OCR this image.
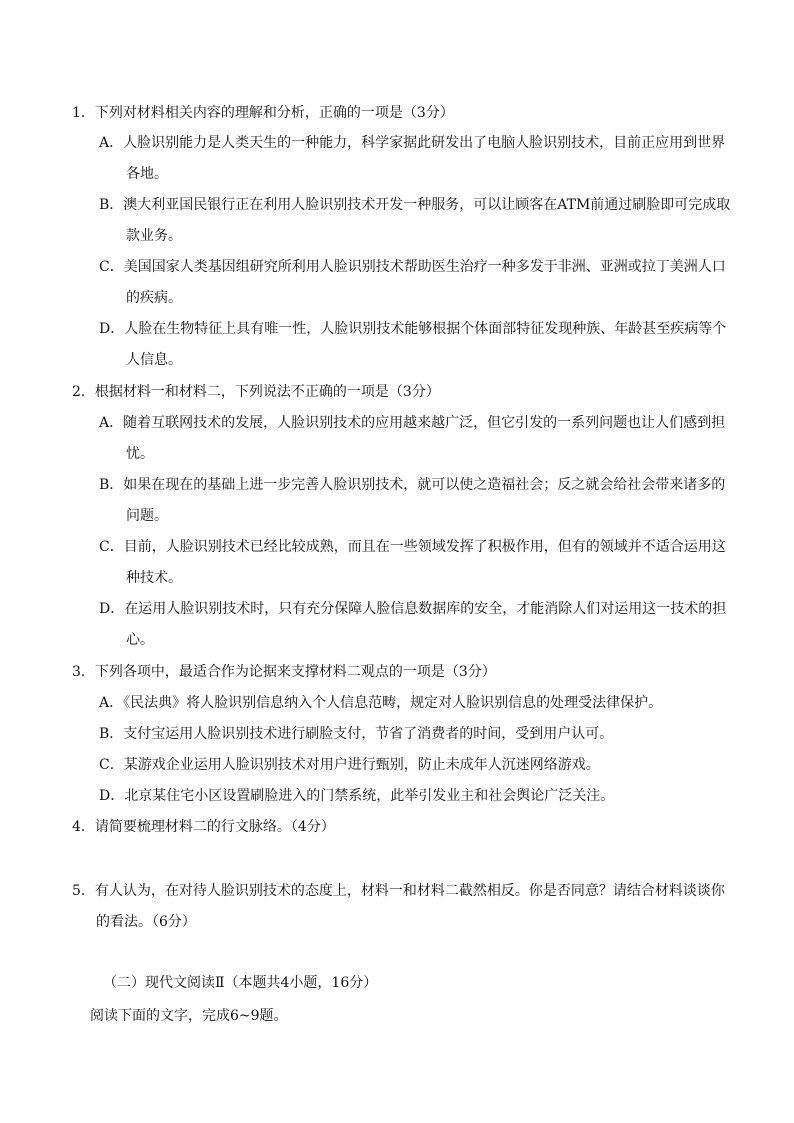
1．下列对材料相关内容的理解和分析，正确的一项是（3分）
A．人脸识别能力是人类天生的一种能力，科学家据此研发出了电脑人脸识别技术，目前正应用到世界
各地。
B．澳大利亚国民银行正在利用人脸识别技术开发一种服务，可以让顾客在ATM前通过刷脸即可完成取
款业务。
C．美国国家人类基因组研究所利用人脸识别技术帮助医生治疗一种多发于非洲、亚洲或拉丁美洲人口
的疾病。
D．人脸在生物特征上具有唯一性，人脸识别技术能够根据个体面部特征发现种族、年龄甚至疾病等个
人信息。
2．根据材料一和材料二，下列说法不正确的一项是（3分）
A．随着互联网技术的发展，人脸识别技术的应用越来越广泛，但它引发的一系列问题也让人们感到担
忧。
B．如果在现在的基础上进一步完善人脸识别技术，就可以使之造福社会；反之就会给社会带来诸多的
问题。
C．目前，人脸识别技术已经比较成熟，而且在一些领域发挥了积极作用，但有的领域并不适合运用这
种技术。
D．在运用人脸识别技术时，只有充分保障人脸信息数据库的安全，才能消除人们对运用这一技术的担
心。
3．下列各项中，最适合作为论据来支撑材料二观点的一项是（3分）
A．《民法典》将人脸识别信息纳入个人信息范畴，规定对人脸识别信息的处理受法律保护。
B．支付宝运用人脸识别技术进行刷脸支付，节省了消费者的时间，受到用户认可。
C．某游戏企业运用人脸识别技术对用户进行甄别，防止未成年人沉迷网络游戏。
D．北京某住宅小区设置刷脸进入的门禁系统，此举引发业主和社会舆论广泛关注。
4．请简要梳理材料二的行文脉络。（4分）
5．有人认为，在对待人脸识别技术的态度上，材料一和材料二截然相反。你是否同意？请结合材料谈谈你
的看法。（6分）
（二）现代文阅读Ⅱ（本题共4小题，16分）
阅读下面的文字，完成6~9题。
